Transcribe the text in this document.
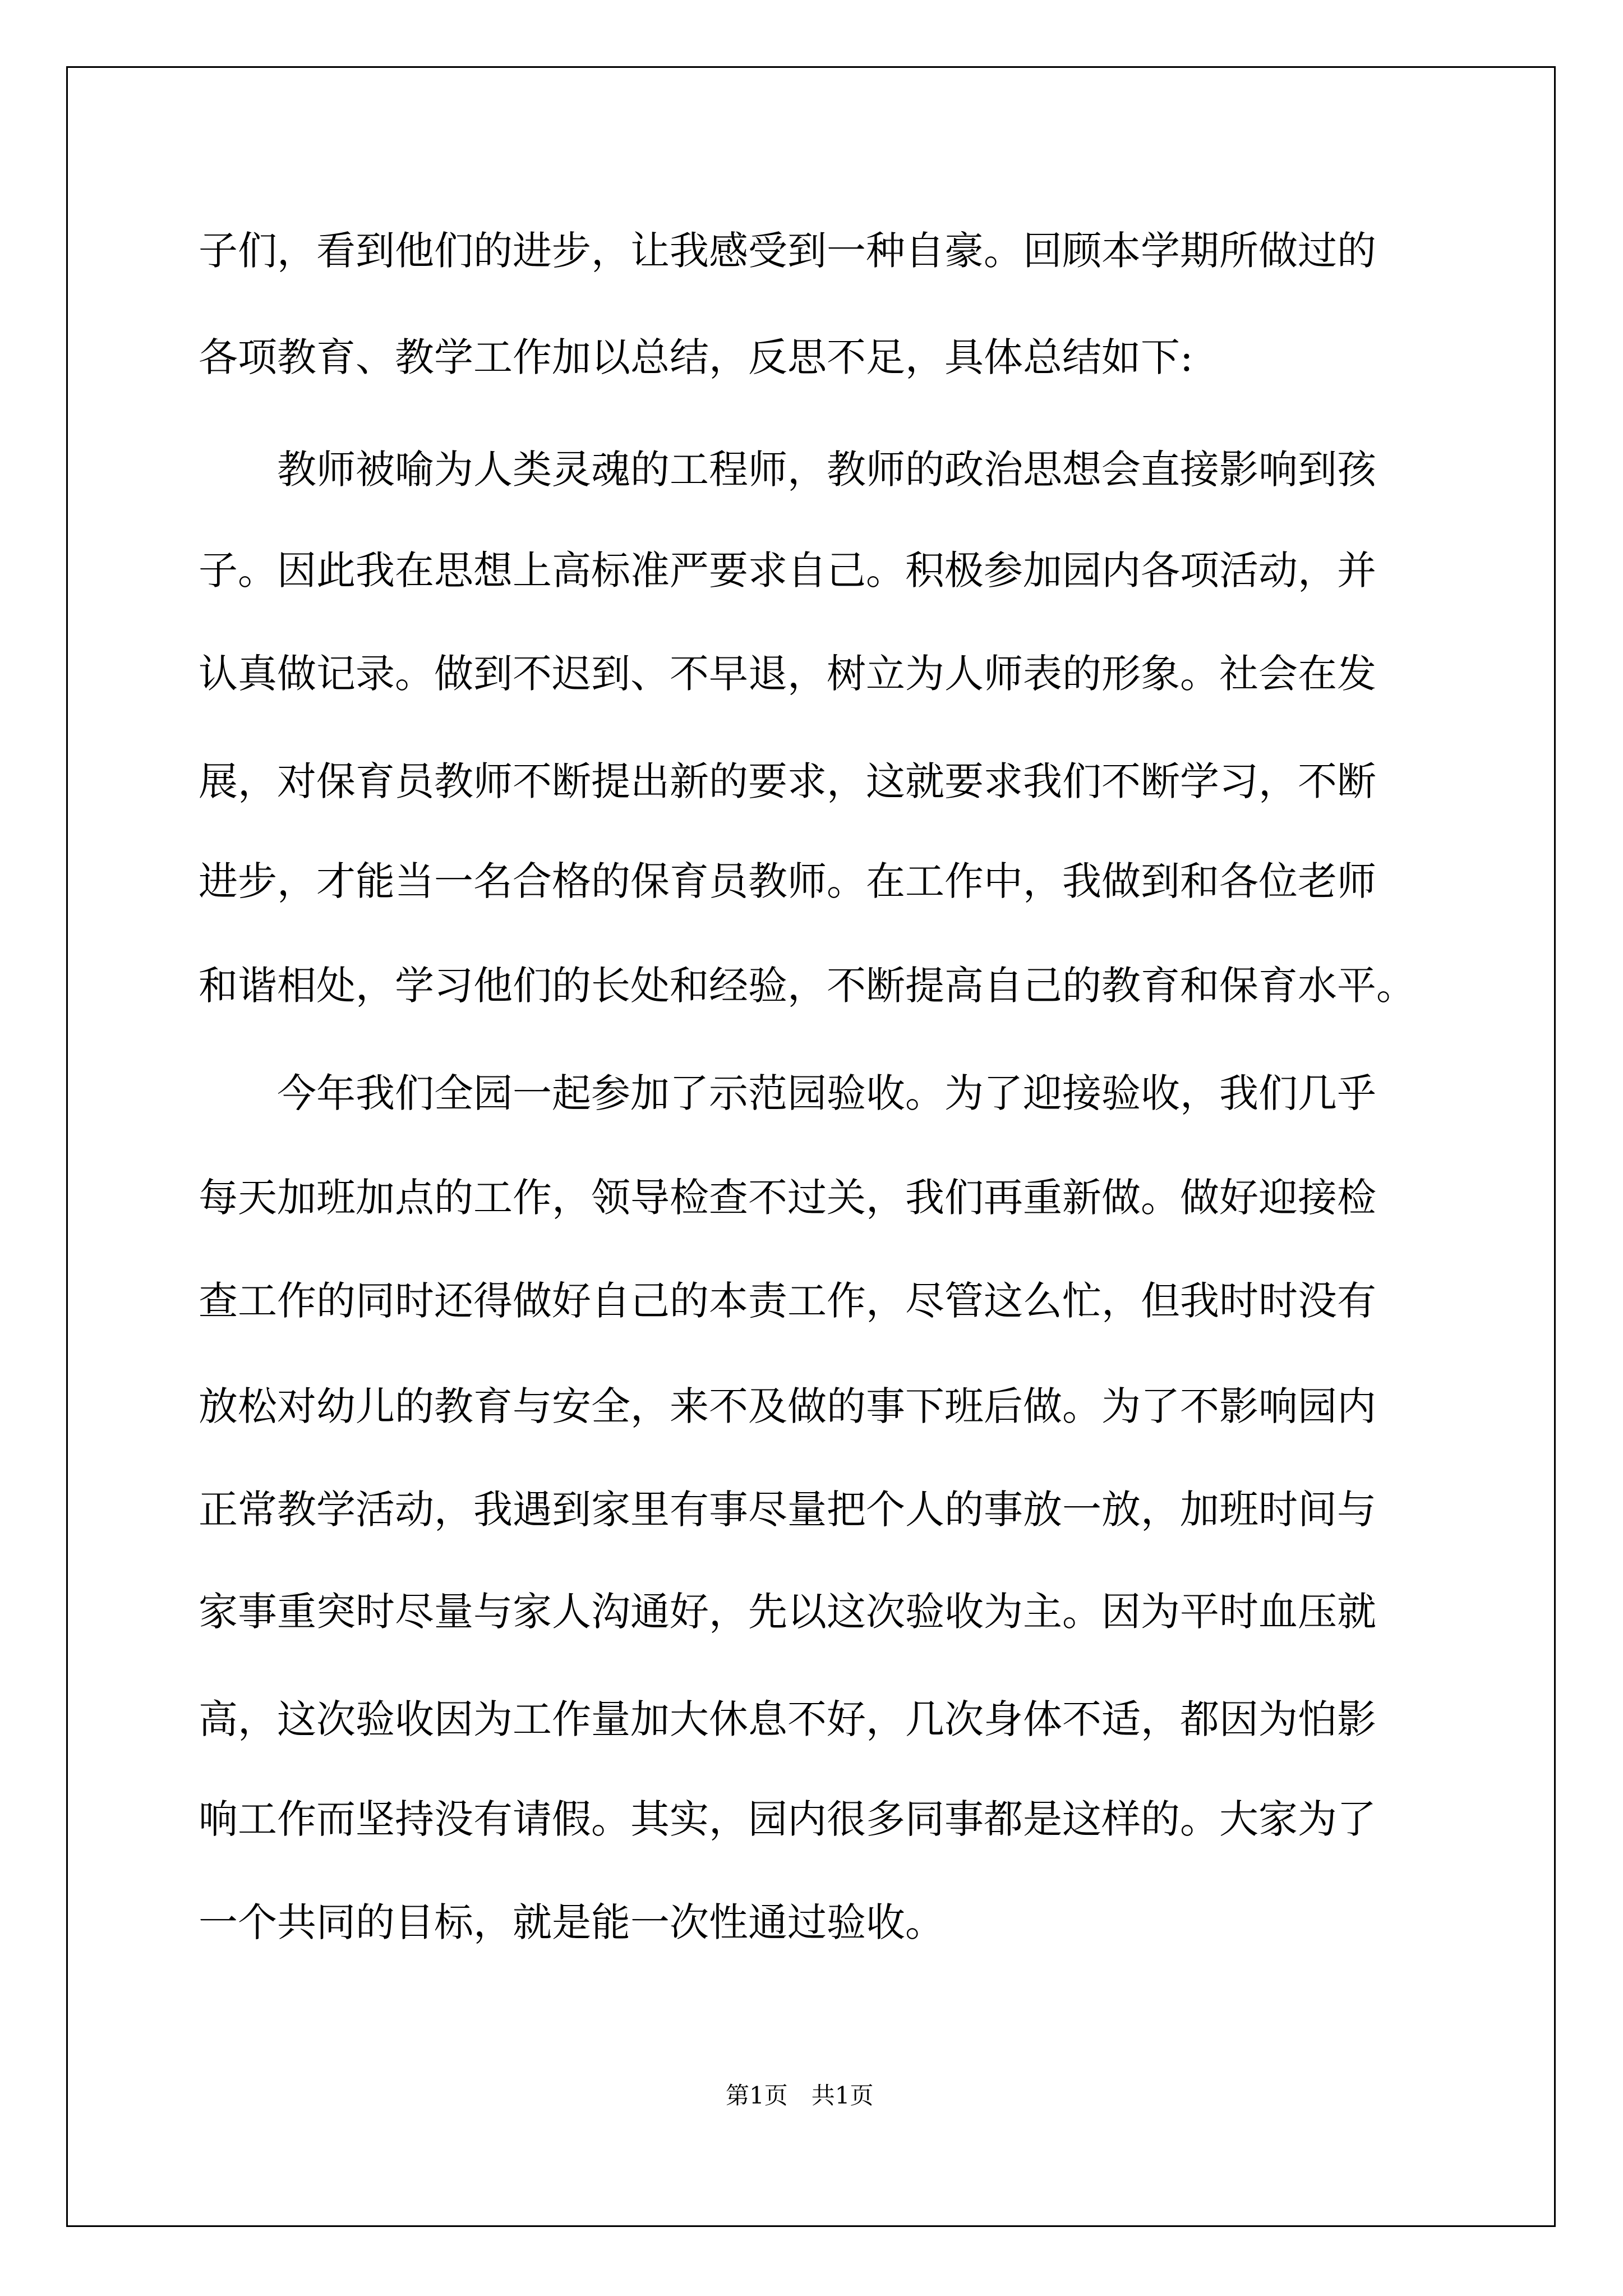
子们，看到他们的进步，让我感受到一种自豪。回顾本学期所做过的
各项教育、教学工作加以总结，反思不足，具体总结如下:
教师被喻为人类灵魂的工程师，教师的政治思想会直接影响到孩
子。因此我在思想上高标准严要求自己。积极参加园内各项活动，并
认真做记录。做到不迟到、不早退，树立为人师表的形象。社会在发
展，对保育员教师不断提出新的要求，这就要求我们不断学习，不断
进步，才能当一名合格的保育员教师。在工作中，我做到和各位老师
和谐相处，学习他们的长处和经验，不断提高自己的教育和保育水平。
今年我们全园一起参加了示范园验收。为了迎接验收，我们几乎
每天加班加点的工作，领导检查不过关，我们再重新做。做好迎接检
查工作的同时还得做好自己的本责工作，尽管这么忙，但我时时没有
放松对幼儿的教育与安全，来不及做的事下班后做。为了不影响园内
正常教学活动，我遇到家里有事尽量把个人的事放一放，加班时间与
家事重突时尽量与家人沟通好，先以这次验收为主。因为平时血压就
高，这次验收因为工作量加大休息不好，几次身体不适，都因为怕影
响工作而坚持没有请假。其实，园内很多同事都是这样的。大家为了
一个共同的目标，就是能一次性通过验收。
第1页　共1页
